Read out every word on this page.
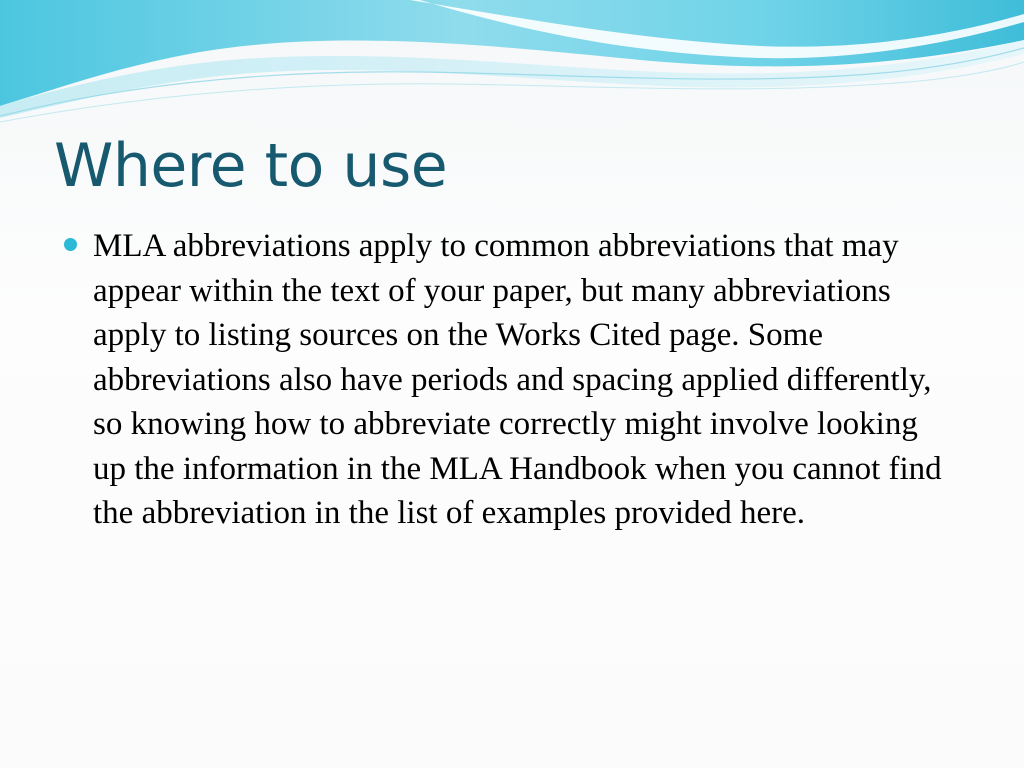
Where to use
MLA abbreviations apply to common abbreviations that may appear within the text of your paper, but many abbreviations apply to listing sources on the Works Cited page. Some abbreviations also have periods and spacing applied differently, so knowing how to abbreviate correctly might involve looking up the information in the MLA Handbook when you cannot find the abbreviation in the list of examples provided here.
